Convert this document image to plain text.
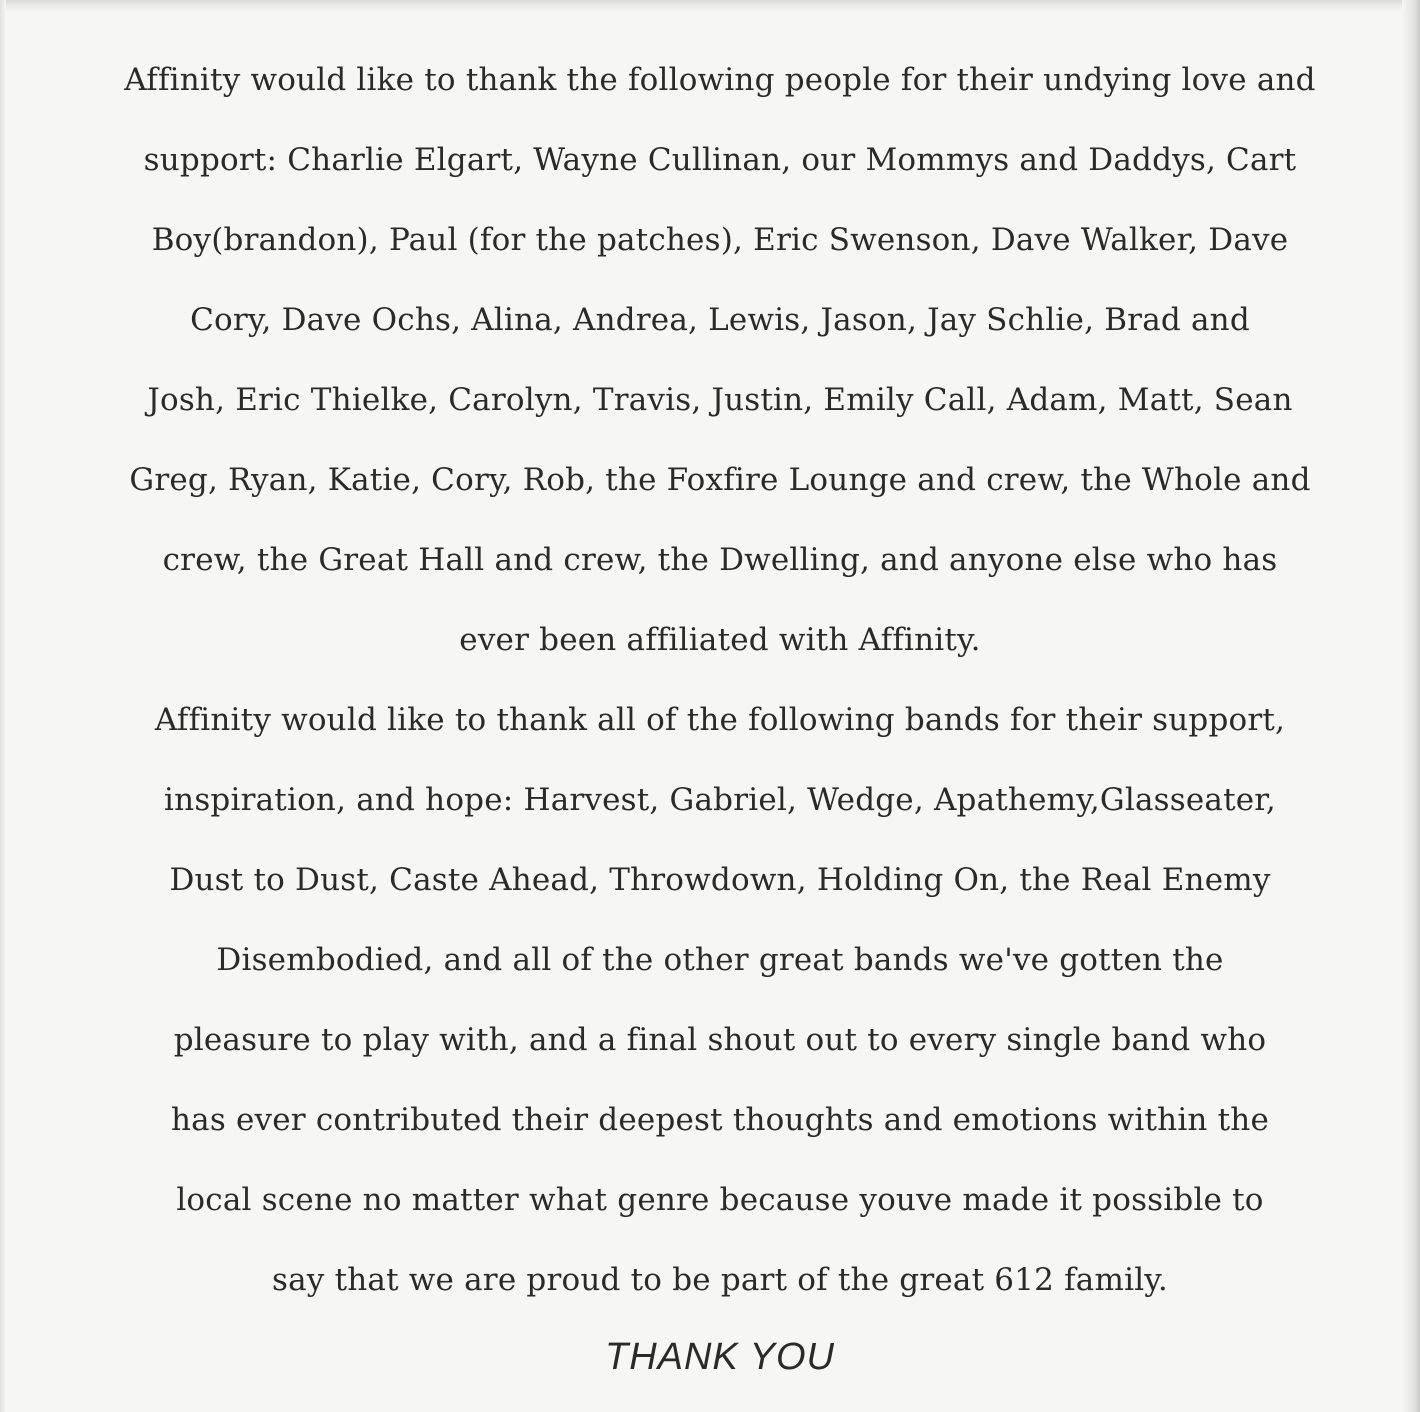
Affinity would like to thank the following people for their undying love and
support: Charlie Elgart, Wayne Cullinan, our Mommys and Daddys, Cart
Boy(brandon), Paul (for the patches), Eric Swenson, Dave Walker, Dave
Cory, Dave Ochs, Alina, Andrea, Lewis, Jason, Jay Schlie, Brad and
Josh, Eric Thielke, Carolyn, Travis, Justin, Emily Call, Adam, Matt, Sean
Greg, Ryan, Katie, Cory, Rob, the Foxfire Lounge and crew, the Whole and
crew, the Great Hall and crew, the Dwelling, and anyone else who has
ever been affiliated with Affinity.
Affinity would like to thank all of the following bands for their support,
inspiration, and hope: Harvest, Gabriel, Wedge, Apathemy,Glasseater,
Dust to Dust, Caste Ahead, Throwdown, Holding On, the Real Enemy
Disembodied, and all of the other great bands we've gotten the
pleasure to play with, and a final shout out to every single band who
has ever contributed their deepest thoughts and emotions within the
local scene no matter what genre because youve made it possible to
say that we are proud to be part of the great 612 family.
THANK YOU
